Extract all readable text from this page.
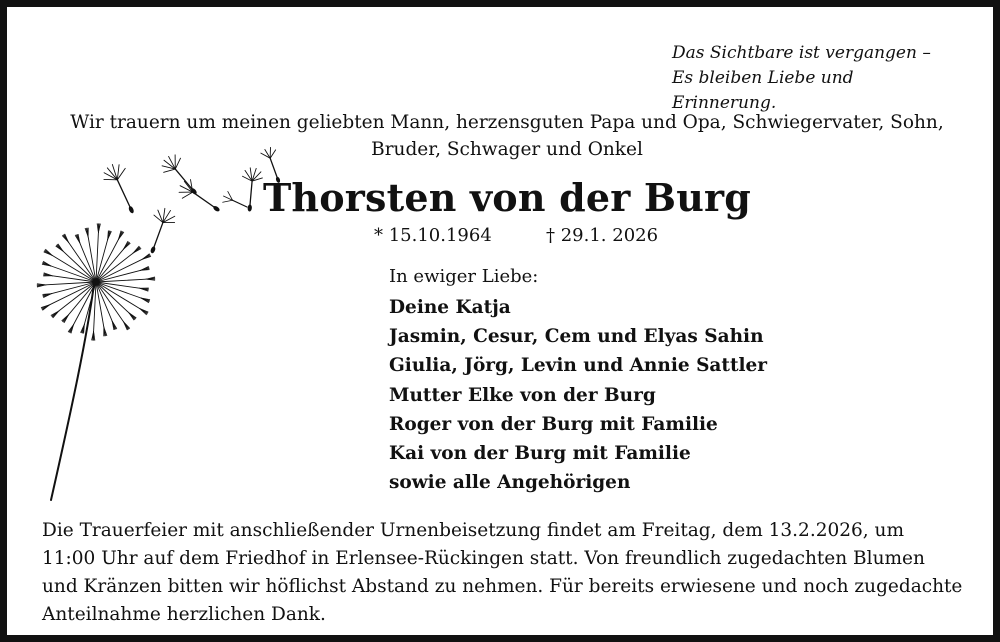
Das Sichtbare ist vergangen –
Es bleiben Liebe und Erinnerung.
Wir trauern um meinen geliebten Mann, herzensguten Papa und Opa, Schwiegervater, Sohn,
Bruder, Schwager und Onkel
Thorsten von der Burg
* 15.10.1964	† 29.1. 2026
In ewiger Liebe:
Deine Katja
Jasmin, Cesur, Cem und Elyas Sahin
Giulia, Jörg, Levin und Annie Sattler
Mutter Elke von der Burg
Roger von der Burg mit Familie
Kai von der Burg mit Familie
sowie alle Angehörigen
Die Trauerfeier mit anschließender Urnenbeisetzung findet am Freitag, dem 13.2.2026, um
11:00 Uhr auf dem Friedhof in Erlensee-Rückingen statt. Von freundlich zugedachten Blumen
und Kränzen bitten wir höflichst Abstand zu nehmen. Für bereits erwiesene und noch zugedachte
Anteilnahme herzlichen Dank.
